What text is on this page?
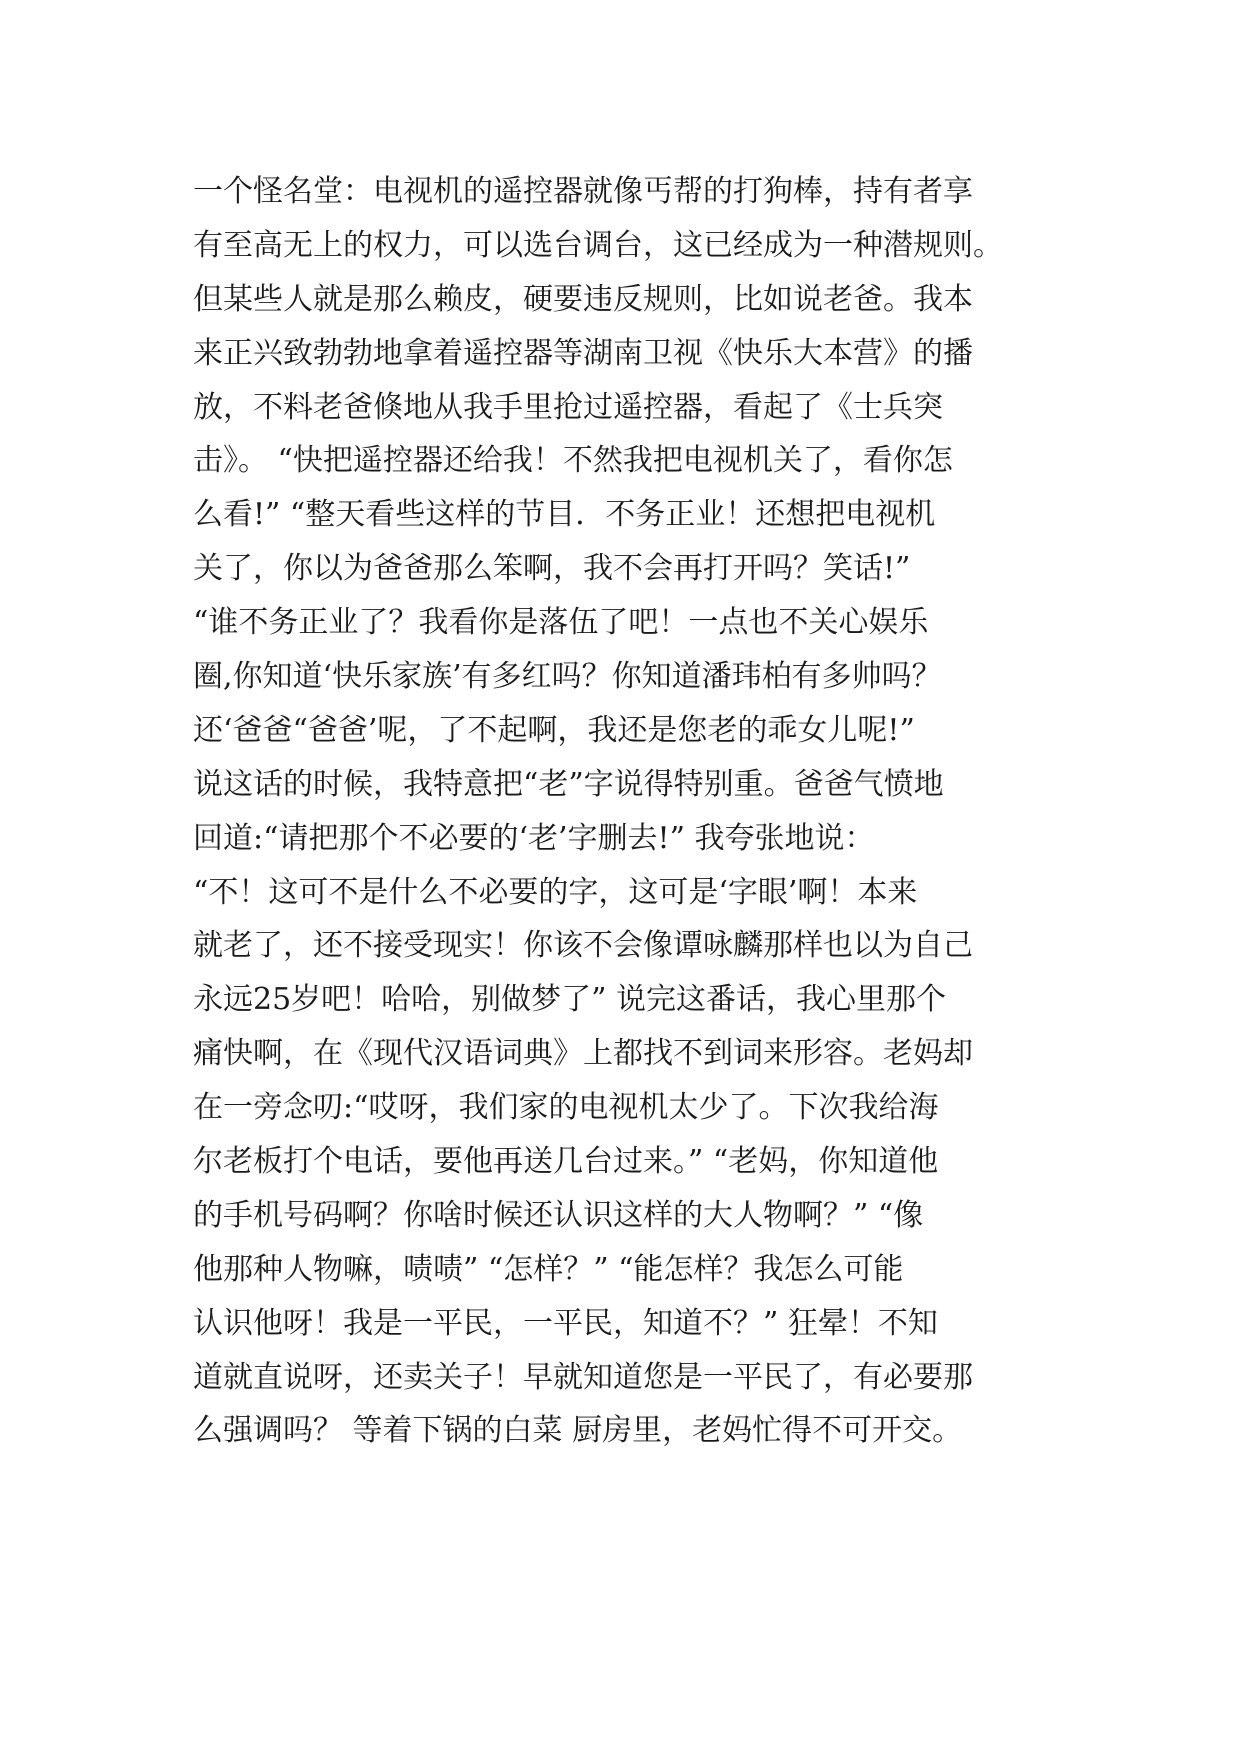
一个怪名堂：电视机的遥控器就像丐帮的打狗棒，持有者享
有至高无上的权力，可以选台调台，这已经成为一种潜规则。
但某些人就是那么赖皮，硬要违反规则，比如说老爸。我本
来正兴致勃勃地拿着遥控器等湖南卫视《快乐大本营》的播
放，不料老爸倏地从我手里抢过遥控器，看起了《士兵突
击》。 “快把遥控器还给我！不然我把电视机关了，看你怎
么看!” “整天看些这样的节目．不务正业！还想把电视机
关了，你以为爸爸那么笨啊，我不会再打开吗？笑话!”
“谁不务正业了？我看你是落伍了吧！一点也不关心娱乐
圈,你知道‘快乐家族’有多红吗？你知道潘玮柏有多帅吗？
还‘爸爸“爸爸’呢，了不起啊，我还是您老的乖女儿呢!”
说这话的时候，我特意把“老”字说得特别重。爸爸气愤地
回道:“请把那个不必要的‘老’字删去!” 我夸张地说：
“不！这可不是什么不必要的字，这可是‘字眼’啊！本来
就老了，还不接受现实！你该不会像谭咏麟那样也以为自己
永远25岁吧！哈哈，别做梦了” 说完这番话，我心里那个
痛快啊，在《现代汉语词典》上都找不到词来形容。老妈却
在一旁念叨:“哎呀，我们家的电视机太少了。下次我给海
尔老板打个电话，要他再送几台过来。” “老妈，你知道他
的手机号码啊？你啥时候还认识这样的大人物啊？” “像
他那种人物嘛，啧啧” “怎样？” “能怎样？我怎么可能
认识他呀！我是一平民，一平民，知道不？” 狂晕！不知
道就直说呀，还卖关子！早就知道您是一平民了，有必要那
么强调吗？ 等着下锅的白菜 厨房里，老妈忙得不可开交。
